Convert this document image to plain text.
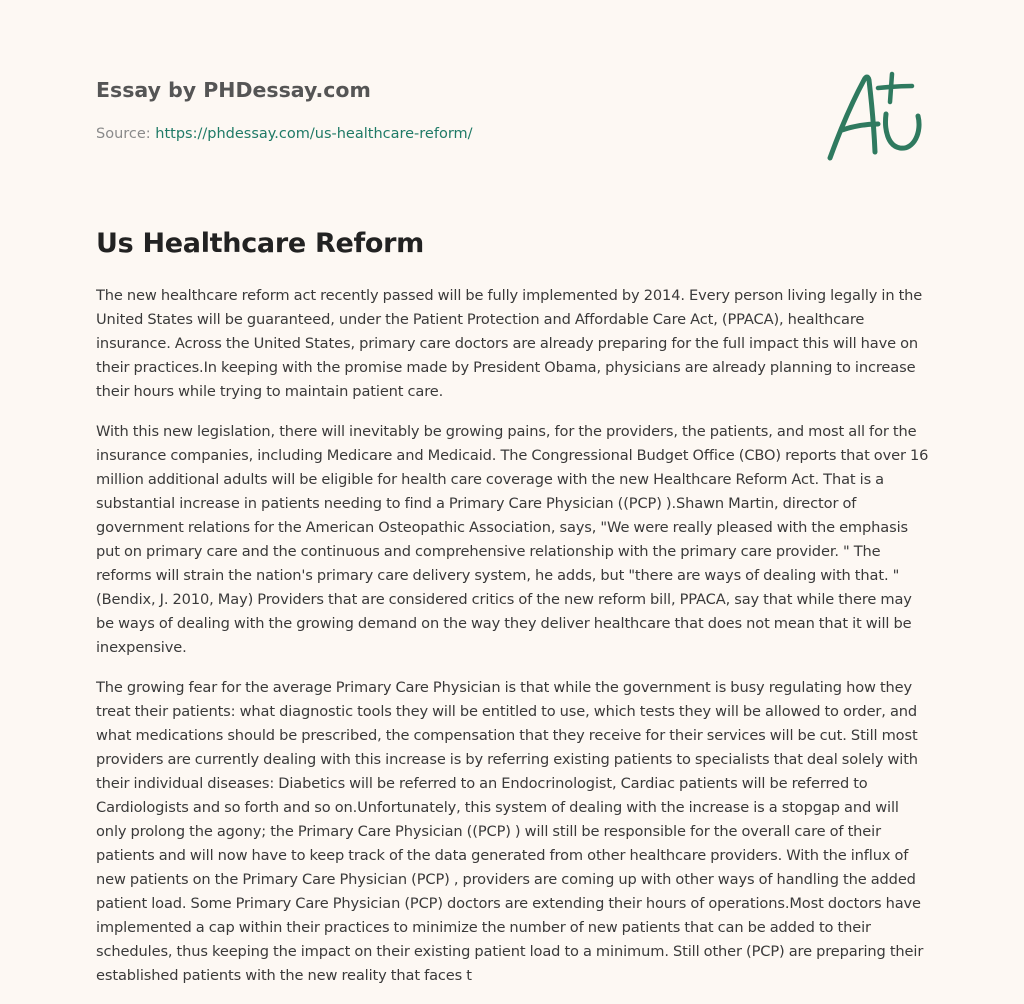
Essay by PHDessay.com
Source: https://phdessay.com/us-healthcare-reform/
Us Healthcare Reform

The new healthcare reform act recently passed will be fully implemented by 2014. Every person living legally in the United States will be guaranteed, under the Patient Protection and Affordable Care Act, (PPACA), healthcare insurance. Across the United States, primary care doctors are already preparing for the full impact this will have on their practices.In keeping with the promise made by President Obama, physicians are already planning to increase their hours while trying to maintain patient care.

With this new legislation, there will inevitably be growing pains, for the providers, the patients, and most all for the insurance companies, including Medicare and Medicaid. The Congressional Budget Office (CBO) reports that over 16 million additional adults will be eligible for health care coverage with the new Healthcare Reform Act. That is a substantial increase in patients needing to find a Primary Care Physician ((PCP) ).Shawn Martin, director of government relations for the American Osteopathic Association, says, "We were really pleased with the emphasis put on primary care and the continuous and comprehensive relationship with the primary care provider. " The reforms will strain the nation's primary care delivery system, he adds, but "there are ways of dealing with that. " (Bendix, J. 2010, May) Providers that are considered critics of the new reform bill, PPACA, say that while there may be ways of dealing with the growing demand on the way they deliver healthcare that does not mean that it will be inexpensive.

The growing fear for the average Primary Care Physician is that while the government is busy regulating how they treat their patients: what diagnostic tools they will be entitled to use, which tests they will be allowed to order, and what medications should be prescribed, the compensation that they receive for their services will be cut. Still most providers are currently dealing with this increase is by referring existing patients to specialists that deal solely with their individual diseases: Diabetics will be referred to an Endocrinologist, Cardiac patients will be referred to Cardiologists and so forth and so on.Unfortunately, this system of dealing with the increase is a stopgap and will only prolong the agony; the Primary Care Physician ((PCP) ) will still be responsible for the overall care of their patients and will now have to keep track of the data generated from other healthcare providers. With the influx of new patients on the Primary Care Physician (PCP) , providers are coming up with other ways of handling the added patient load. Some Primary Care Physician (PCP) doctors are extending their hours of operations.Most doctors have implemented a cap within their practices to minimize the number of new patients that can be added to their schedules, thus keeping the impact on their existing patient load to a minimum. Still other (PCP) are preparing their established patients with the new reality that faces t
